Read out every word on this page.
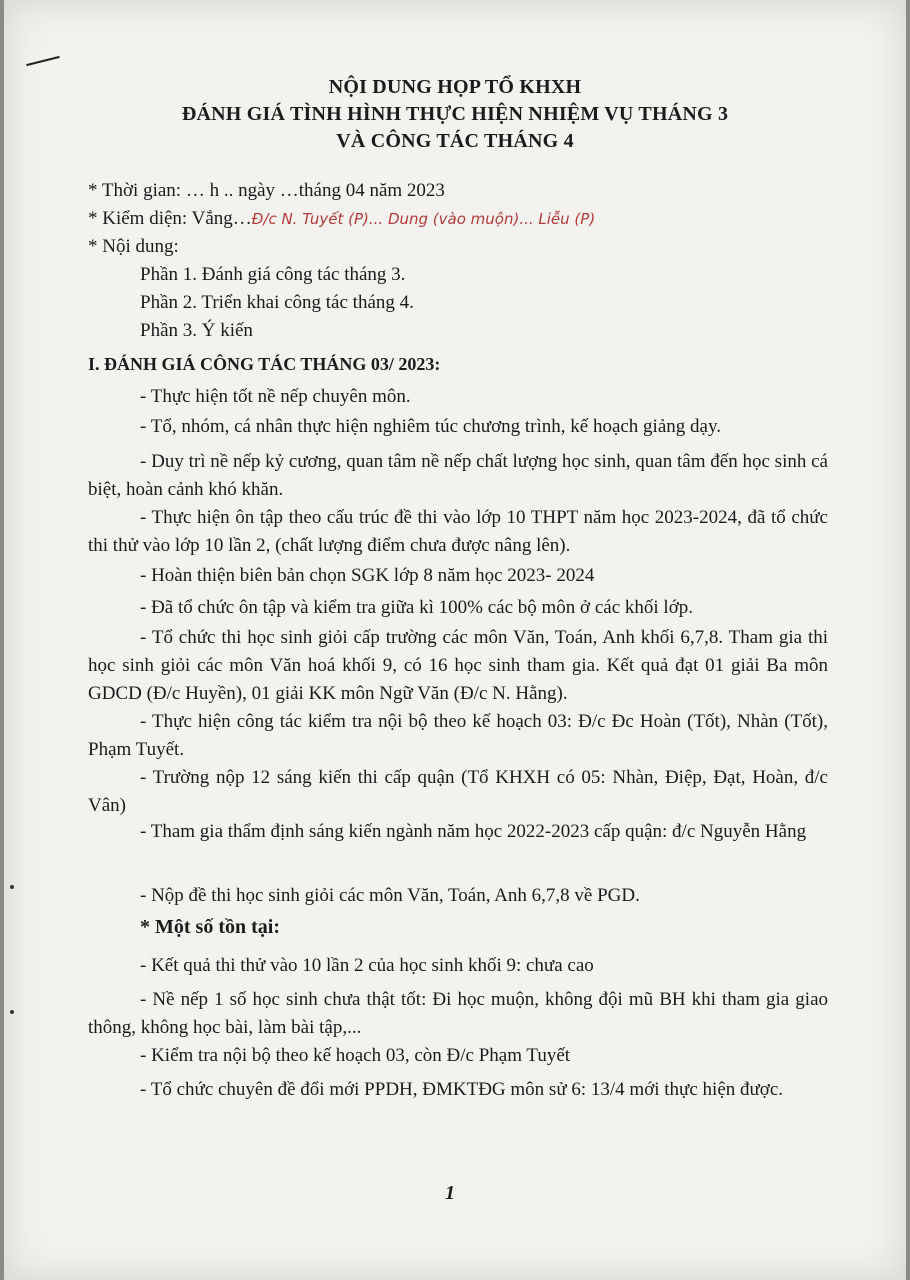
NỘI DUNG HỌP TỔ KHXH
ĐÁNH GIÁ TÌNH HÌNH THỰC HIỆN NHIỆM VỤ THÁNG 3
VÀ CÔNG TÁC THÁNG 4
* Thời gian: … h .. ngày …tháng 04 năm 2023
* Kiểm diện: Vắng…Đ/c N. Tuyết (P)... Dung (vào muộn)... Liễu (P)
* Nội dung:
Phần 1. Đánh giá công tác tháng 3.
Phần 2. Triển khai công tác tháng 4.
Phần 3. Ý kiến
I. ĐÁNH GIÁ CÔNG TÁC THÁNG 03/ 2023:
- Thực hiện tốt nề nếp chuyên môn.
- Tổ, nhóm, cá nhân thực hiện nghiêm túc chương trình, kế hoạch giảng dạy.
- Duy trì nề nếp kỷ cương, quan tâm nề nếp chất lượng học sinh, quan tâm đến học sinh cá biệt, hoàn cảnh khó khăn.
- Thực hiện ôn tập theo cấu trúc đề thi vào lớp 10 THPT năm học 2023-2024, đã tổ chức thi thử vào lớp 10 lần 2, (chất lượng điểm chưa được nâng lên).
- Hoàn thiện biên bản chọn SGK lớp 8 năm học 2023- 2024
- Đã tổ chức ôn tập và kiểm tra giữa kì 100% các bộ môn ở các khối lớp.
- Tổ chức thi học sinh giỏi cấp trường các môn Văn, Toán, Anh khối 6,7,8. Tham gia thi học sinh giỏi các môn Văn hoá khối 9, có 16 học sinh tham gia. Kết quả đạt 01 giải Ba môn GDCD (Đ/c Huyền), 01 giải KK môn Ngữ Văn (Đ/c N. Hằng).
- Thực hiện công tác kiểm tra nội bộ theo kế hoạch 03: Đ/c Đc Hoàn (Tốt), Nhàn (Tốt), Phạm Tuyết.
- Trường nộp 12 sáng kiến thi cấp quận (Tổ KHXH có 05: Nhàn, Điệp, Đạt, Hoàn, đ/c Vân)
- Tham gia thẩm định sáng kiến ngành năm học 2022-2023 cấp quận: đ/c Nguyễn Hằng
- Nộp đề thi học sinh giỏi các môn Văn, Toán, Anh 6,7,8 về PGD.
* Một số tồn tại:
- Kết quả thi thử vào 10 lần 2 của học sinh khối 9: chưa cao
- Nề nếp 1 số học sinh chưa thật tốt: Đi học muộn, không đội mũ BH khi tham gia giao thông, không học bài, làm bài tập,...
- Kiểm tra nội bộ theo kế hoạch 03, còn Đ/c Phạm Tuyết
- Tổ chức chuyên đề đổi mới PPDH, ĐMKTĐG môn sử 6: 13/4 mới thực hiện được.
1
